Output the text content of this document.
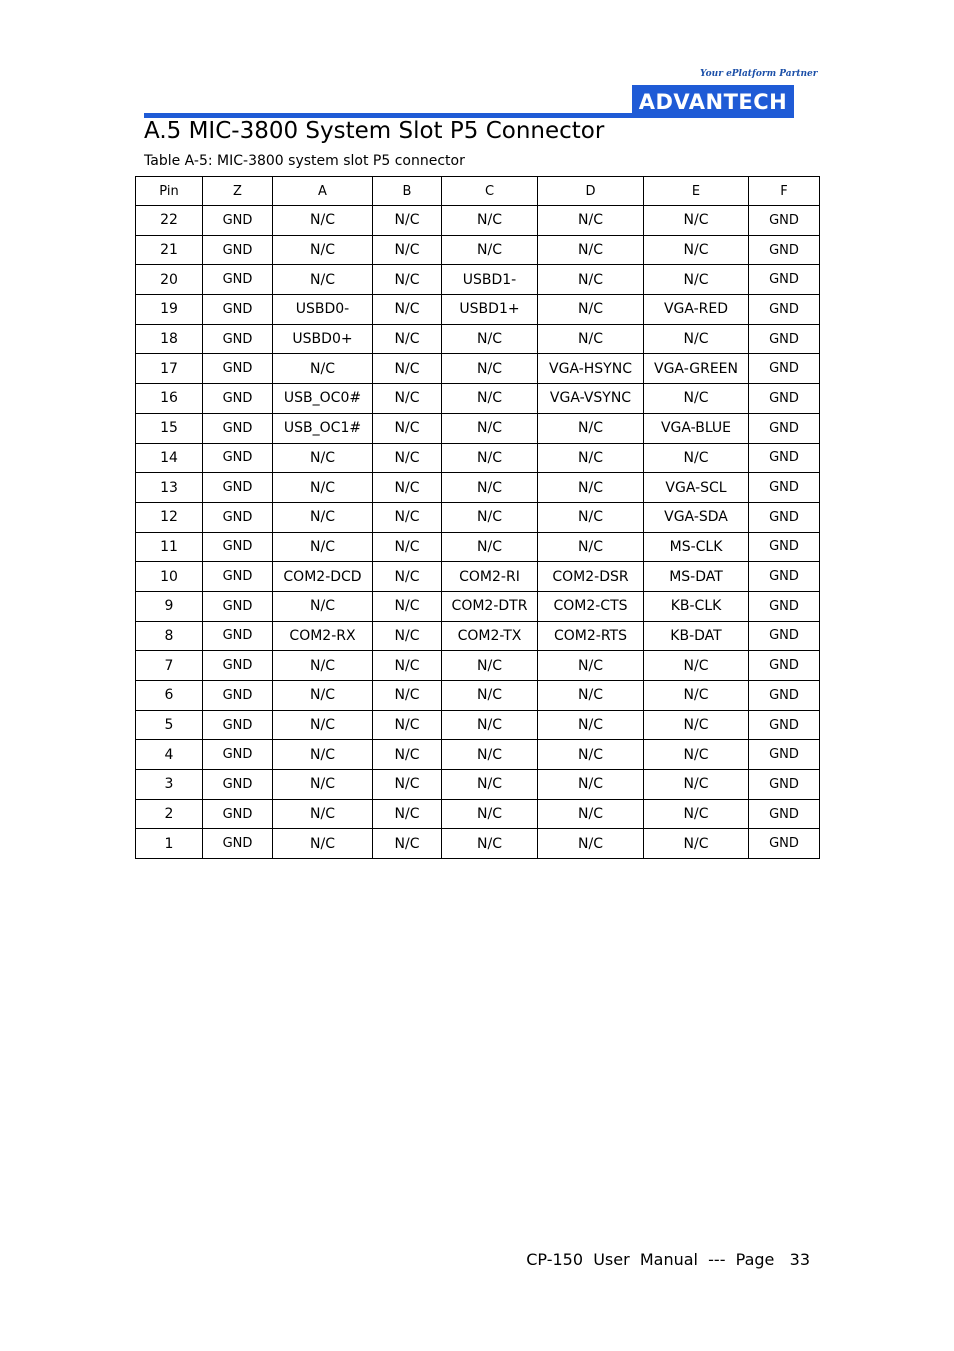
Your ePlatform Partner
ADVANTECH
A.5 MIC-3800 System Slot P5 Connector

Table A-5: MIC-3800 system slot P5 connector

Pin	Z	A	B	C	D	E	F
22	GND	N/C	N/C	N/C	N/C	N/C	GND
21	GND	N/C	N/C	N/C	N/C	N/C	GND
20	GND	N/C	N/C	USBD1-	N/C	N/C	GND
19	GND	USBD0-	N/C	USBD1+	N/C	VGA-RED	GND
18	GND	USBD0+	N/C	N/C	N/C	N/C	GND
17	GND	N/C	N/C	N/C	VGA-HSYNC	VGA-GREEN	GND
16	GND	USB_OC0#	N/C	N/C	VGA-VSYNC	N/C	GND
15	GND	USB_OC1#	N/C	N/C	N/C	VGA-BLUE	GND
14	GND	N/C	N/C	N/C	N/C	N/C	GND
13	GND	N/C	N/C	N/C	N/C	VGA-SCL	GND
12	GND	N/C	N/C	N/C	N/C	VGA-SDA	GND
11	GND	N/C	N/C	N/C	N/C	MS-CLK	GND
10	GND	COM2-DCD	N/C	COM2-RI	COM2-DSR	MS-DAT	GND
9	GND	N/C	N/C	COM2-DTR	COM2-CTS	KB-CLK	GND
8	GND	COM2-RX	N/C	COM2-TX	COM2-RTS	KB-DAT	GND
7	GND	N/C	N/C	N/C	N/C	N/C	GND
6	GND	N/C	N/C	N/C	N/C	N/C	GND
5	GND	N/C	N/C	N/C	N/C	N/C	GND
4	GND	N/C	N/C	N/C	N/C	N/C	GND
3	GND	N/C	N/C	N/C	N/C	N/C	GND
2	GND	N/C	N/C	N/C	N/C	N/C	GND
1	GND	N/C	N/C	N/C	N/C	N/C	GND

CP-150  User  Manual  ---  Page   33
